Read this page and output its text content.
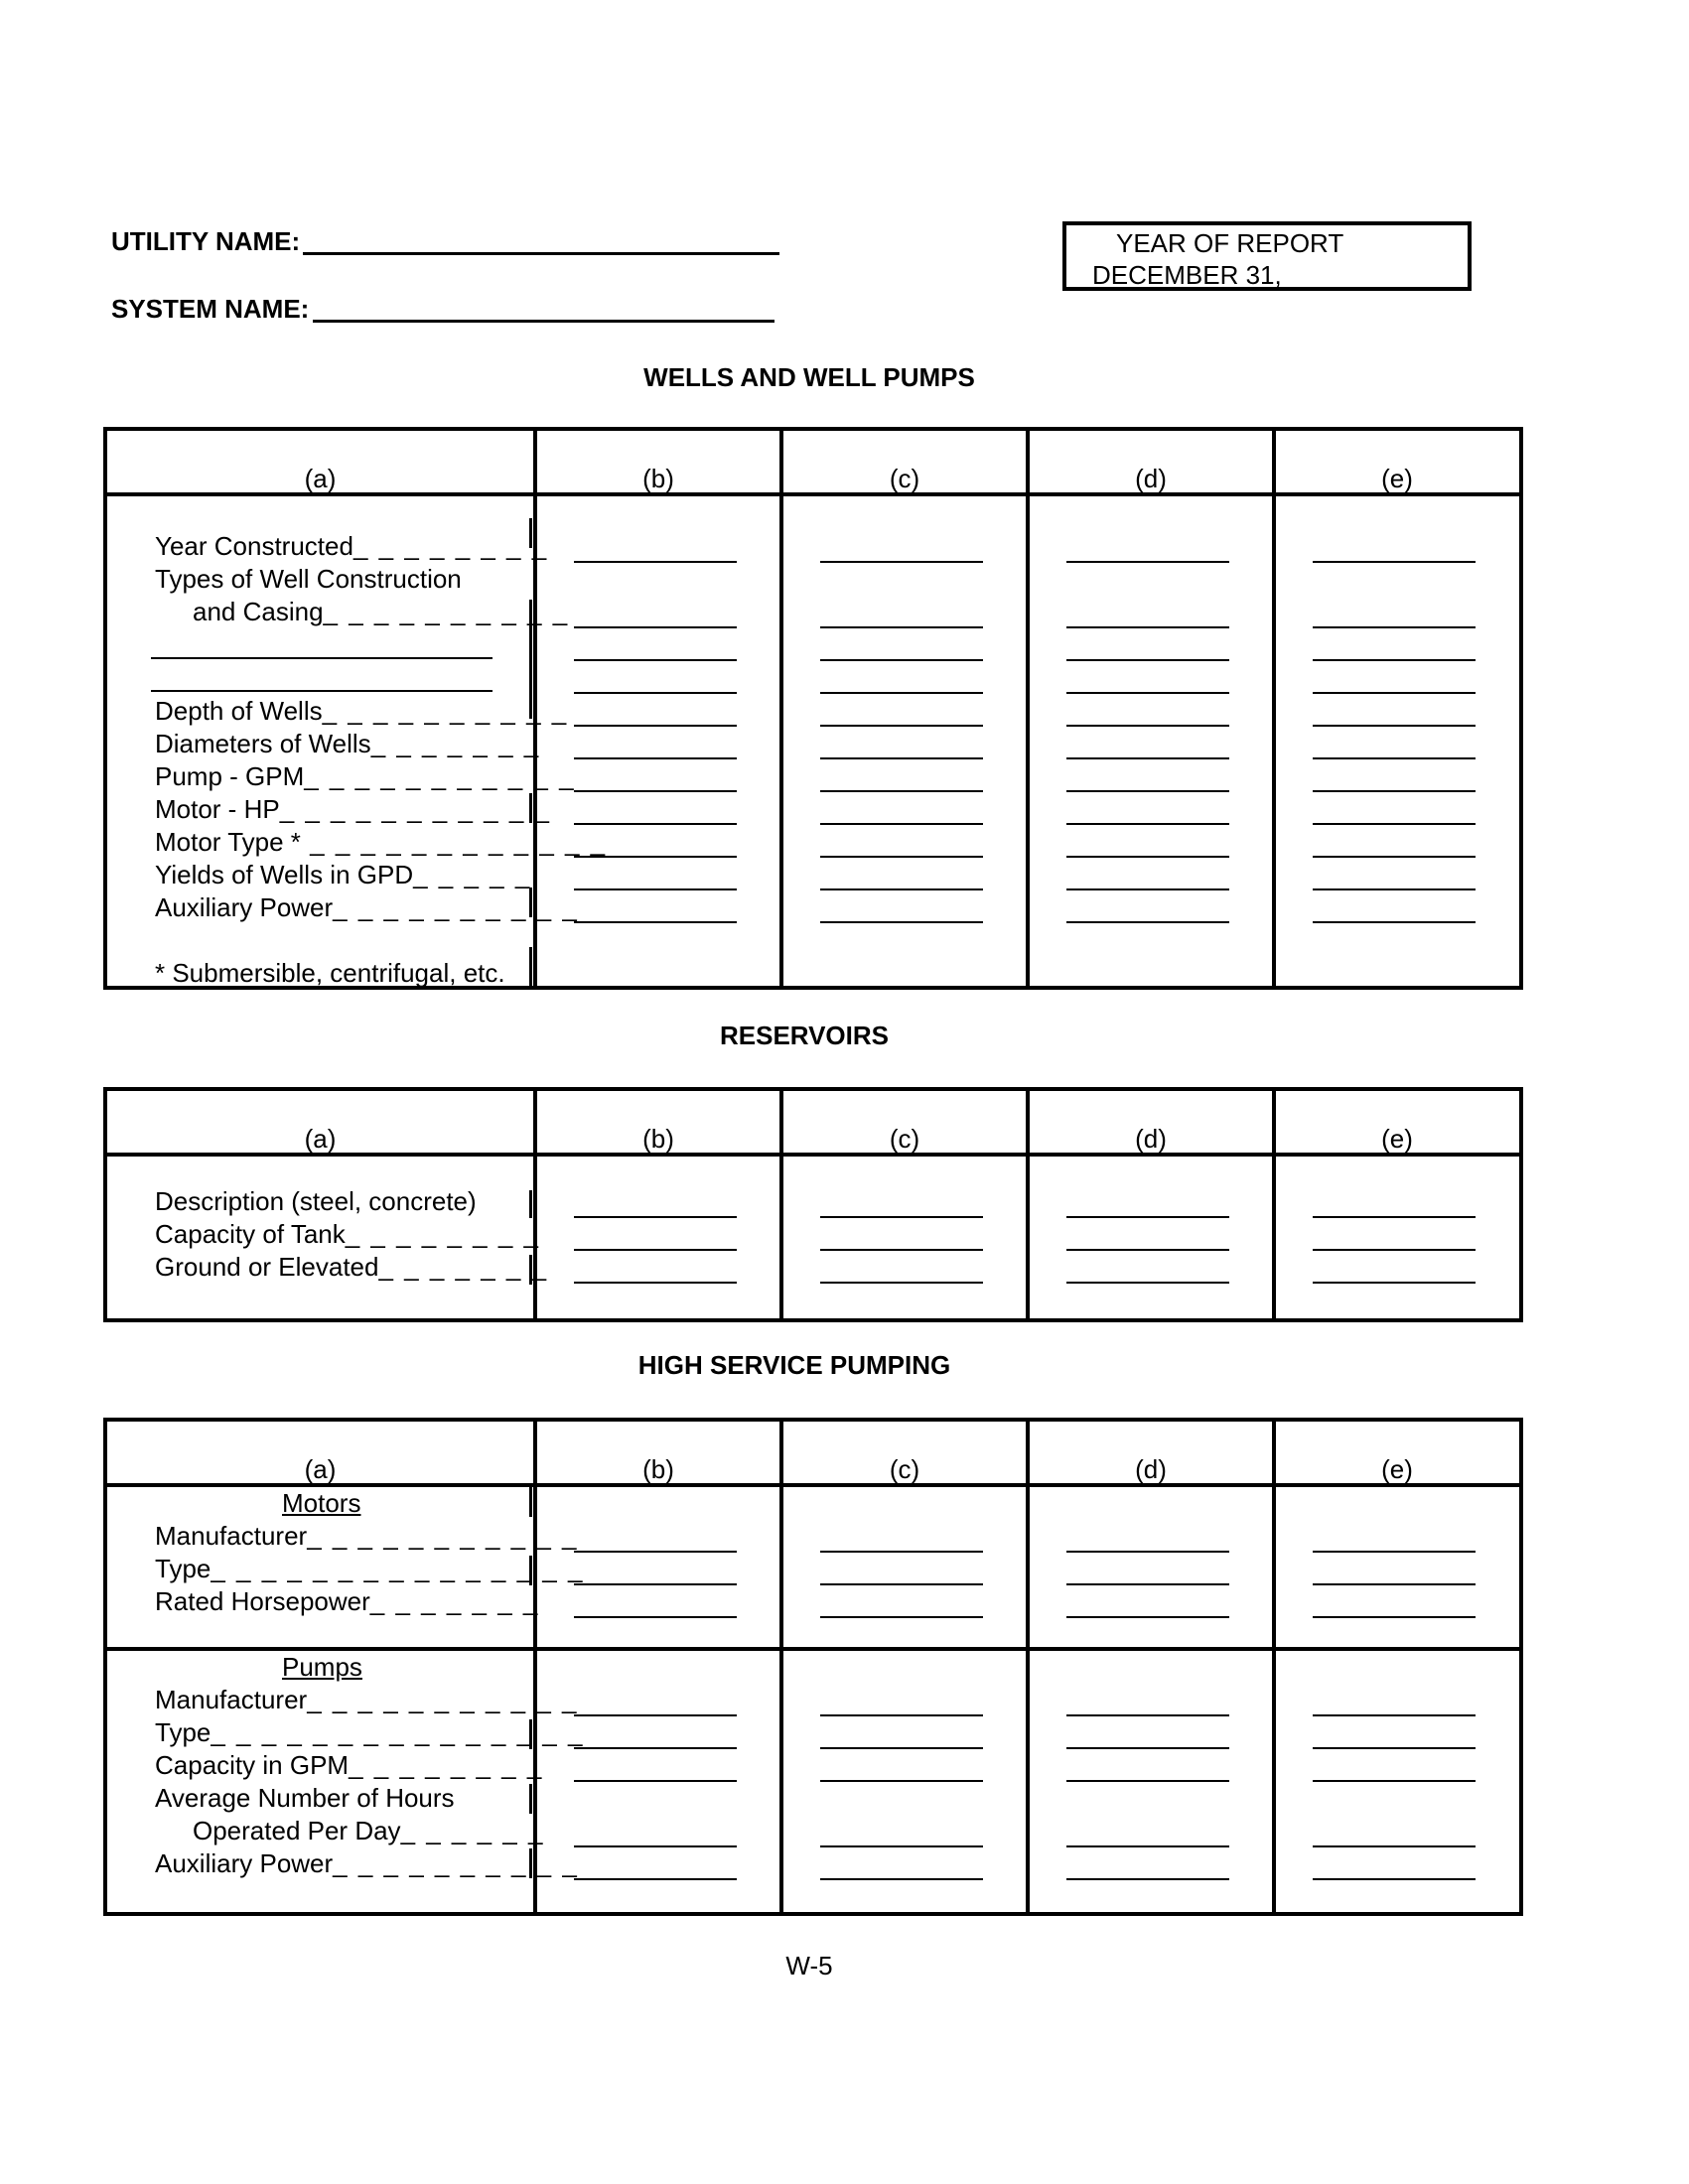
UTILITY NAME:
SYSTEM NAME:
YEAR OF REPORT
DECEMBER 31,
WELLS AND WELL PUMPS
(a)	(b)	(c)	(d)	(e)
Year Constructed_ _ _ _ _ _ _ _
Types of Well Construction
and Casing_ _ _ _ _ _ _ _ _ _
Depth of Wells_ _ _ _ _ _ _ _ _ _
Diameters of Wells_ _ _ _ _ _ _
Pump - GPM_ _ _ _ _ _ _ _ _ _ _
Motor - HP_ _ _ _ _ _ _ _ _ _ _
Motor Type * _ _ _ _ _ _ _ _ _ _ _ _
Yields of Wells in GPD_ _ _ _ _
Auxiliary Power_ _ _ _ _ _ _ _ _ _
* Submersible, centrifugal, etc.
RESERVOIRS
(a)	(b)	(c)	(d)	(e)
Description (steel, concrete)
Capacity of Tank_ _ _ _ _ _ _ _
Ground or Elevated_ _ _ _ _ _ _
HIGH SERVICE PUMPING
(a)	(b)	(c)	(d)	(e)
Motors
Manufacturer_ _ _ _ _ _ _ _ _ _ _
Type_ _ _ _ _ _ _ _ _ _ _ _ _ _ _
Rated Horsepower_ _ _ _ _ _ _
Pumps
Manufacturer_ _ _ _ _ _ _ _ _ _ _
Type_ _ _ _ _ _ _ _ _ _ _ _ _ _ _
Capacity in GPM_ _ _ _ _ _ _ _
Average Number of Hours
Operated Per Day_ _ _ _ _ _
Auxiliary Power_ _ _ _ _ _ _ _ _ _
W-5
